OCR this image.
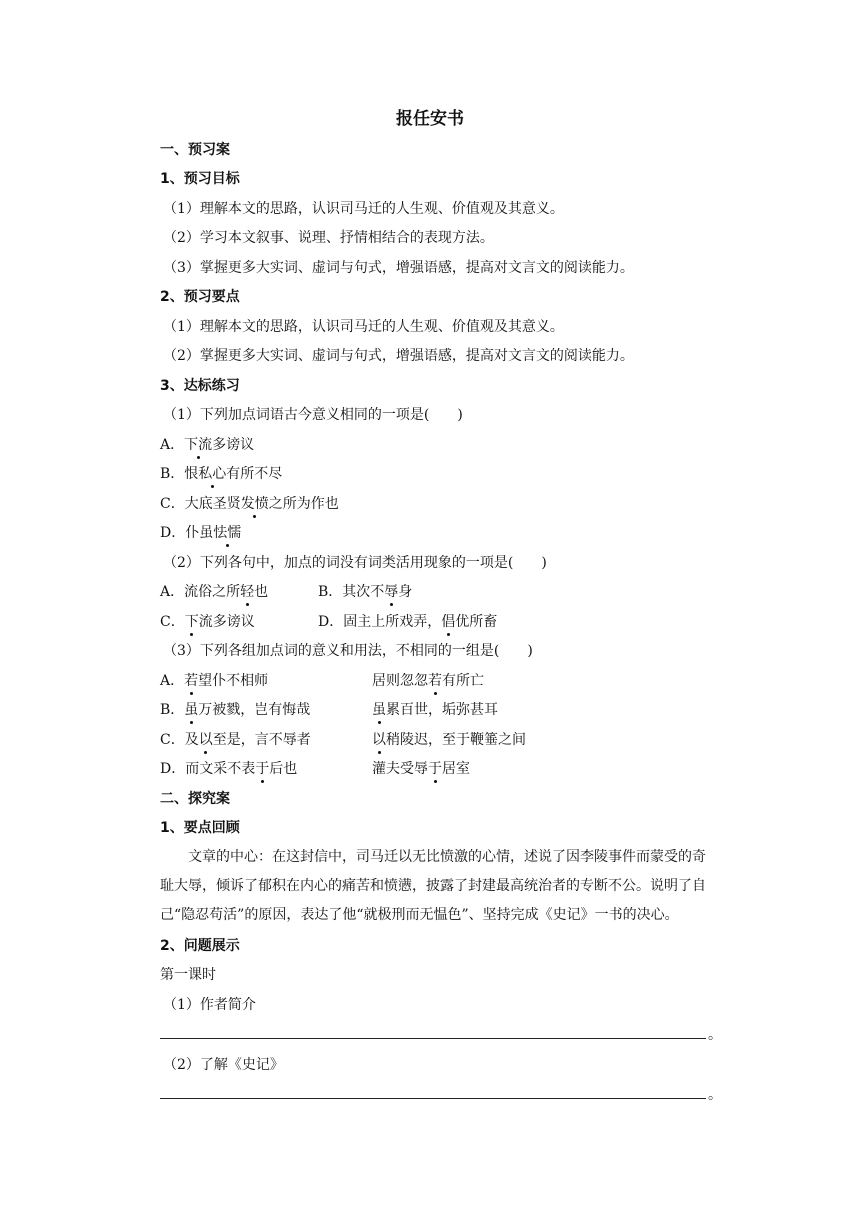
报任安书
一、预习案
1、预习目标
（1）理解本文的思路，认识司马迁的人生观、价值观及其意义。
（2）学习本文叙事、说理、抒情相结合的表现方法。
（3）掌握更多大实词、虚词与句式，增强语感，提高对文言文的阅读能力。
2、预习要点
（1）理解本文的思路，认识司马迁的人生观、价值观及其意义。
（2）掌握更多大实词、虚词与句式，增强语感，提高对文言文的阅读能力。
3、达标练习
（1）下列加点词语古今意义相同的一项是(　　)
A．下流多谤议
B．恨私心有所不尽
C．大底圣贤发愤之所为作也
D．仆虽怯懦
（2）下列各句中，加点的词没有词类活用现象的一项是(　　)
A．流俗之所轻也	B．其次不辱身
C．下流多谤议	D．固主上所戏弄，倡优所畜
（3）下列各组加点词的意义和用法，不相同的一组是(　　)
A．若望仆不相师	居则忽忽若有所亡
B．虽万被戮，岂有悔哉	虽累百世，垢弥甚耳
C．及以至是，言不辱者	以稍陵迟，至于鞭箠之间
D．而文采不表于后也	灌夫受辱于居室
二、探究案
1、要点回顾
　　文章的中心：在这封信中，司马迁以无比愤激的心情，述说了因李陵事件而蒙受的奇耻大辱，倾诉了郁积在内心的痛苦和愤懑，披露了封建最高统治者的专断不公。说明了自己“隐忍苟活”的原因，表达了他“就极刑而无愠色”、坚持完成《史记》一书的决心。
2、问题展示
第一课时
（1）作者简介
。
（2）了解《史记》
。
